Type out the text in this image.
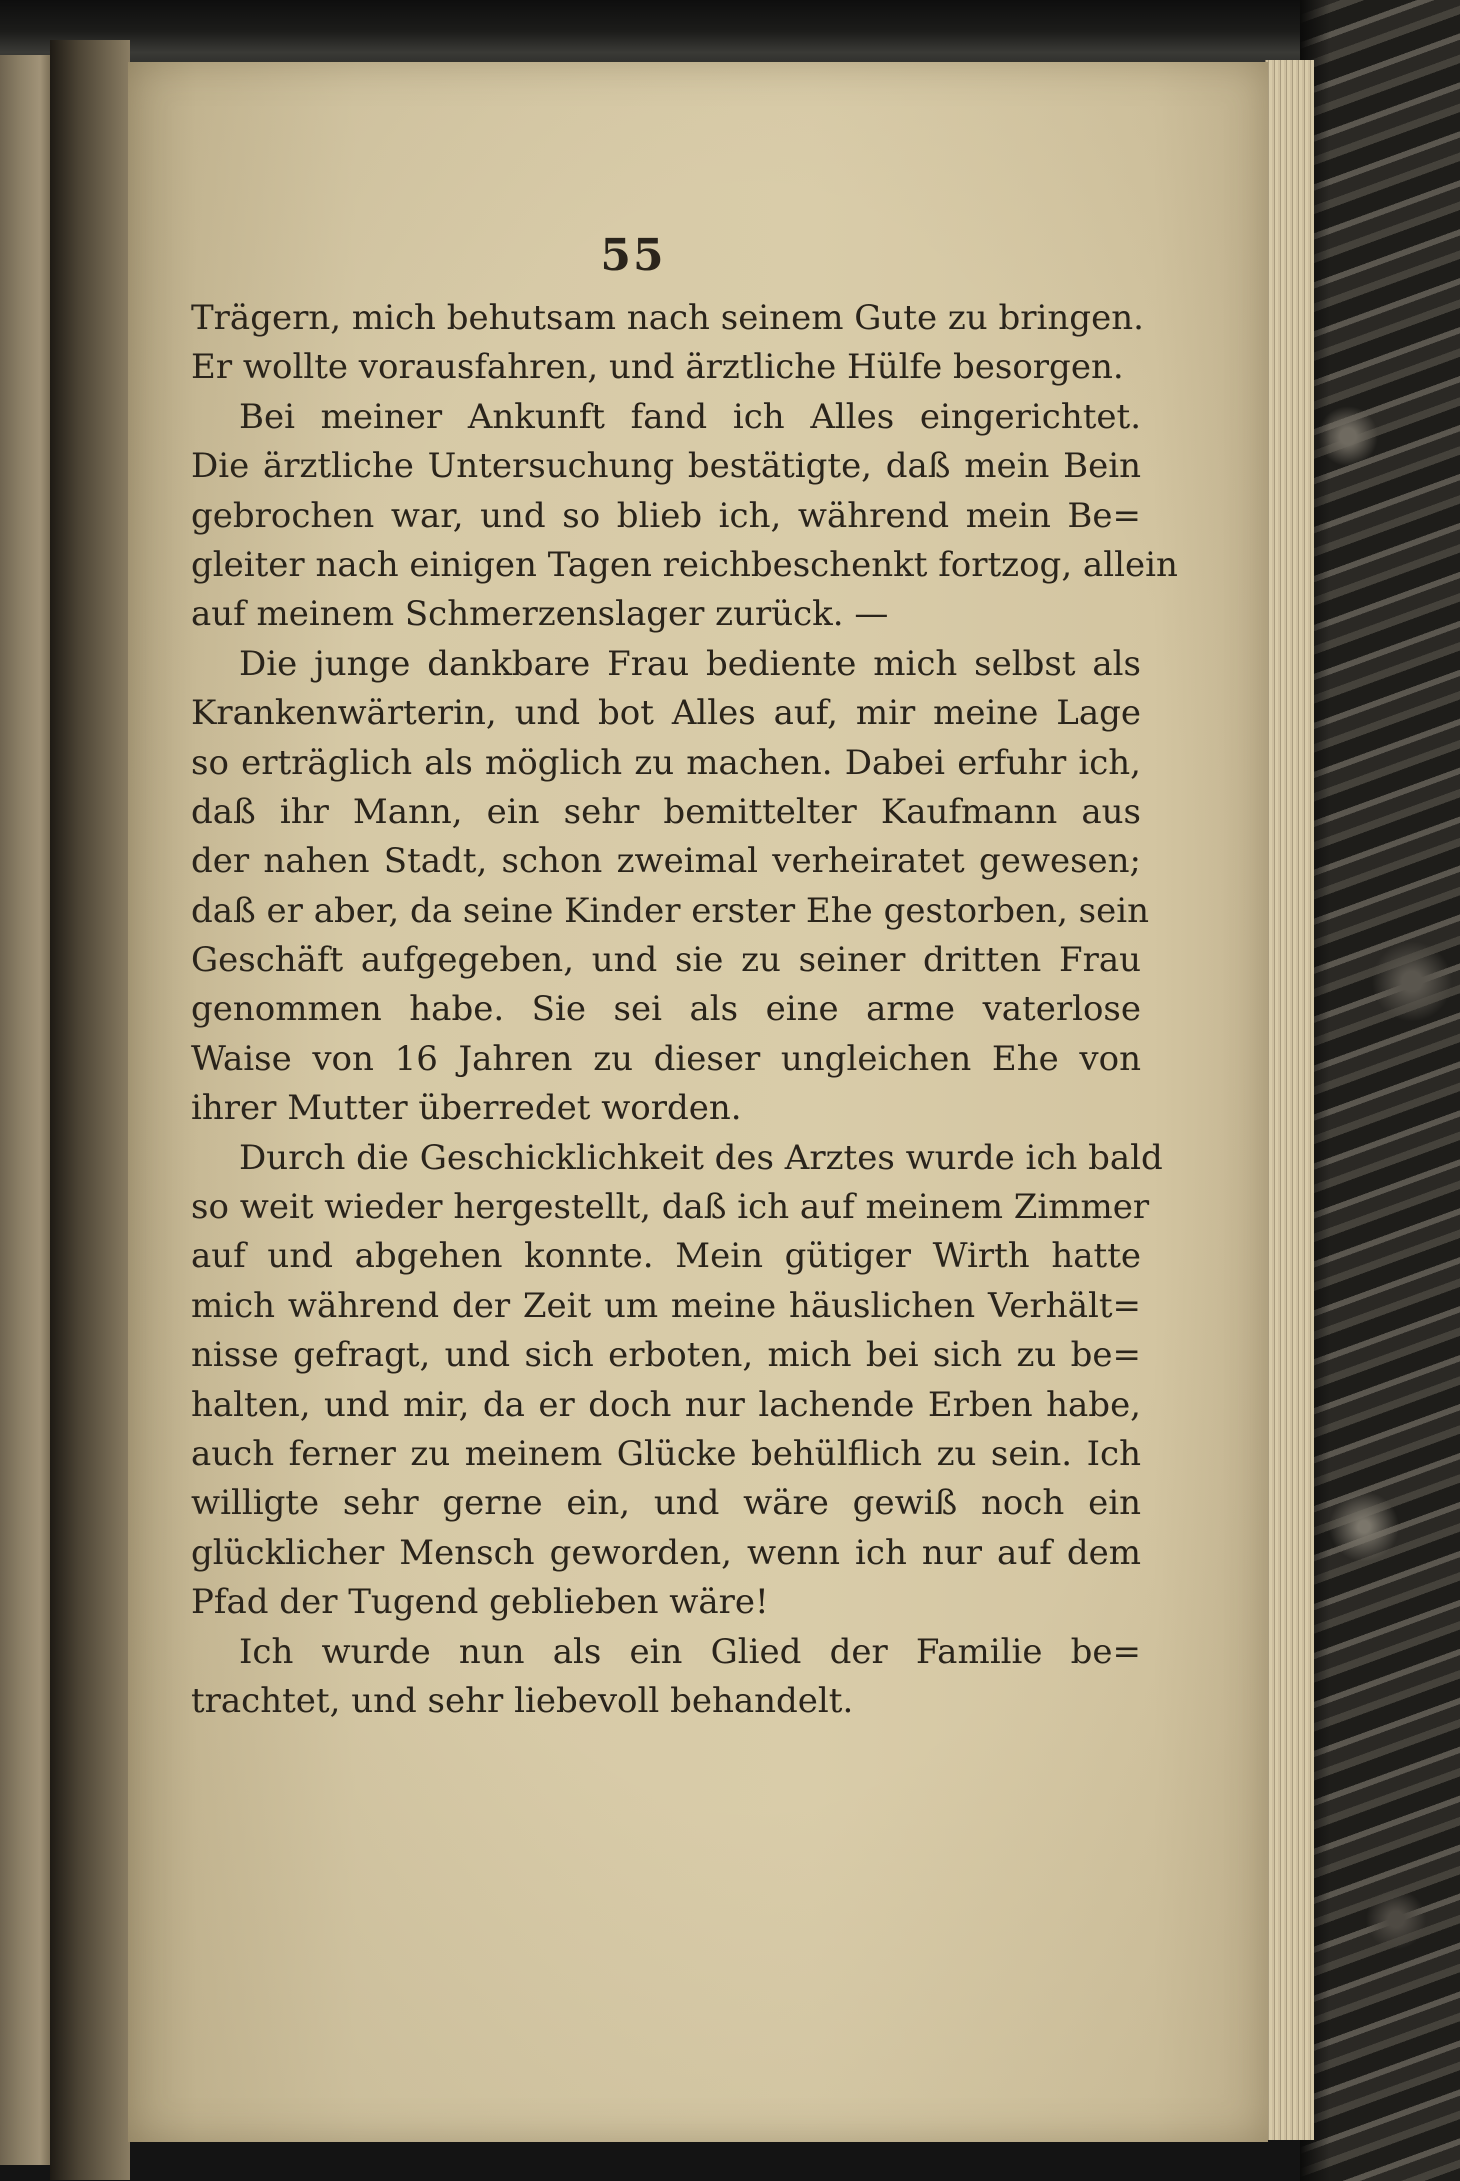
55

Trägern, mich behutsam nach seinem Gute zu bringen.
Er wollte vorausfahren, und ärztliche Hülfe besorgen.
Bei meiner Ankunft fand ich Alles eingerichtet.
Die ärztliche Untersuchung bestätigte, daß mein Bein
gebrochen war, und so blieb ich, während mein Be=
gleiter nach einigen Tagen reichbeschenkt fortzog, allein
auf meinem Schmerzenslager zurück. —
Die junge dankbare Frau bediente mich selbst als
Krankenwärterin, und bot Alles auf, mir meine Lage
so erträglich als möglich zu machen. Dabei erfuhr ich,
daß ihr Mann, ein sehr bemittelter Kaufmann aus
der nahen Stadt, schon zweimal verheiratet gewesen;
daß er aber, da seine Kinder erster Ehe gestorben, sein
Geschäft aufgegeben, und sie zu seiner dritten Frau
genommen habe. Sie sei als eine arme vaterlose
Waise von 16 Jahren zu dieser ungleichen Ehe von
ihrer Mutter überredet worden.
Durch die Geschicklichkeit des Arztes wurde ich bald
so weit wieder hergestellt, daß ich auf meinem Zimmer
auf und abgehen konnte. Mein gütiger Wirth hatte
mich während der Zeit um meine häuslichen Verhält=
nisse gefragt, und sich erboten, mich bei sich zu be=
halten, und mir, da er doch nur lachende Erben habe,
auch ferner zu meinem Glücke behülflich zu sein. Ich
willigte sehr gerne ein, und wäre gewiß noch ein
glücklicher Mensch geworden, wenn ich nur auf dem
Pfad der Tugend geblieben wäre!
Ich wurde nun als ein Glied der Familie be=
trachtet, und sehr liebevoll behandelt.
